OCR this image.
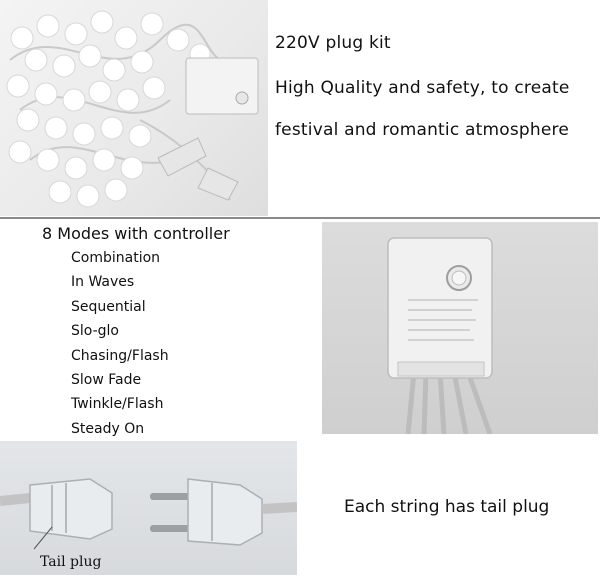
220V plug kit
High Quality and safety, to create
festival and romantic atmosphere
8 Modes with controller
Combination
In Waves
Sequential
Slo-glo
Chasing/Flash
Slow Fade
Twinkle/Flash
Steady On
Tail plug
Each string has tail plug
